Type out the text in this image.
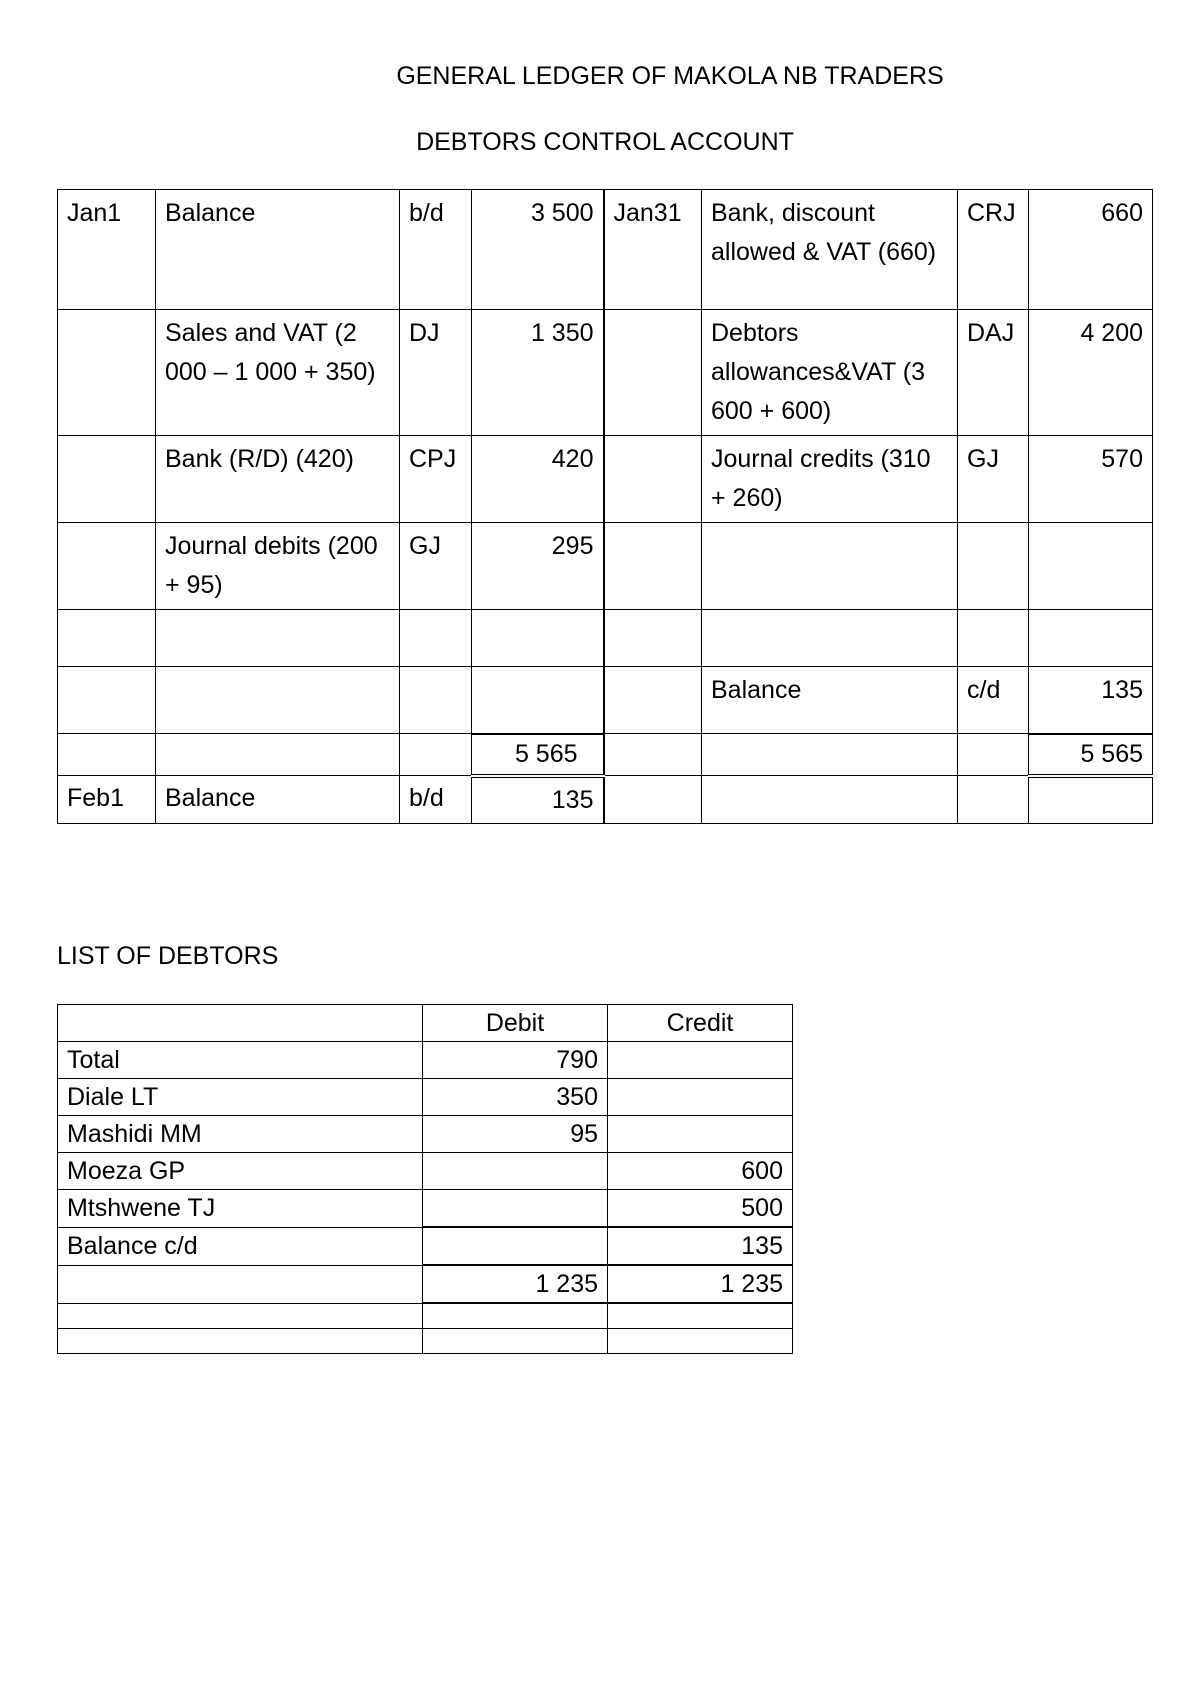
GENERAL LEDGER OF MAKOLA NB TRADERS
DEBTORS CONTROL ACCOUNT
Jan1	Balance	b/d	3 500	Jan31	Bank, discount allowed & VAT (660)	CRJ	660
	Sales and VAT (2 000 – 1 000 + 350)	DJ	1 350		Debtors allowances&VAT (3 600 + 600)	DAJ	4 200
	Bank (R/D) (420)	CPJ	420		Journal credits (310 + 260)	GJ	570
	Journal debits (200 + 95)	GJ	295				

					Balance	c/d	135
			5 565				5 565
Feb1	Balance	b/d	135				
LIST OF DEBTORS
	Debit	Credit
Total	790	
Diale LT	350	
Mashidi MM	95	
Moeza GP		600
Mtshwene TJ		500
Balance c/d		135
	1 235	1 235
